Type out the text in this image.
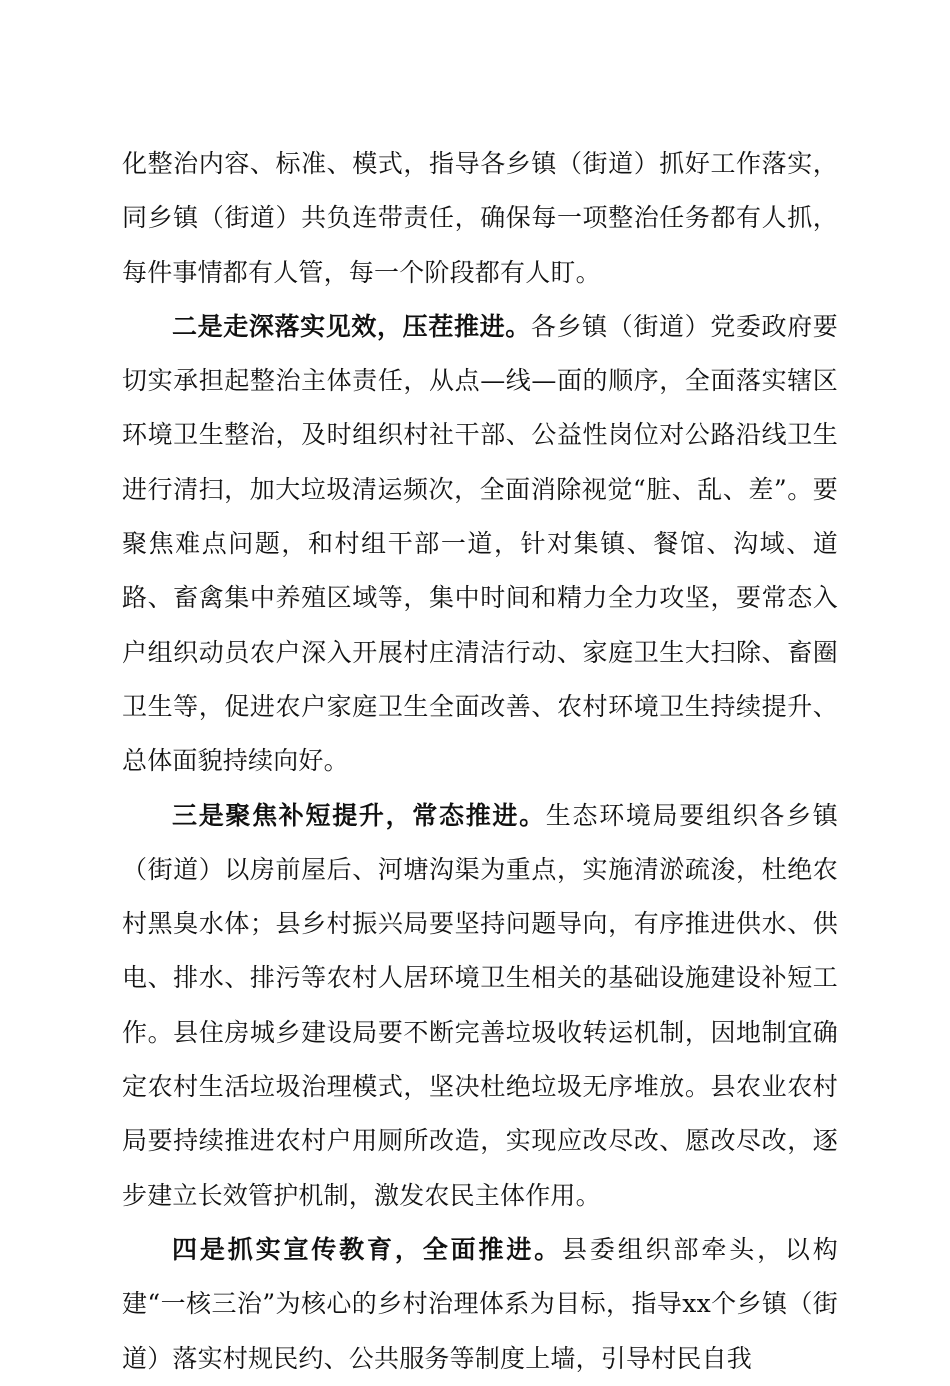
化整治内容、标准、模式，指导各乡镇（街道）抓好工作落实，同乡镇（街道）共负连带责任，确保每一项整治任务都有人抓，每件事情都有人管，每一个阶段都有人盯。

二是走深落实见效，压茬推进。各乡镇（街道）党委政府要切实承担起整治主体责任，从点—线—面的顺序，全面落实辖区环境卫生整治，及时组织村社干部、公益性岗位对公路沿线卫生进行清扫，加大垃圾清运频次，全面消除视觉“脏、乱、差”。要聚焦难点问题，和村组干部一道，针对集镇、餐馆、沟域、道路、畜禽集中养殖区域等，集中时间和精力全力攻坚，要常态入户组织动员农户深入开展村庄清洁行动、家庭卫生大扫除、畜圈卫生等，促进农户家庭卫生全面改善、农村环境卫生持续提升、总体面貌持续向好。

三是聚焦补短提升，常态推进。生态环境局要组织各乡镇（街道）以房前屋后、河塘沟渠为重点，实施清淤疏浚，杜绝农村黑臭水体；县乡村振兴局要坚持问题导向，有序推进供水、供电、排水、排污等农村人居环境卫生相关的基础设施建设补短工作。县住房城乡建设局要不断完善垃圾收转运机制，因地制宜确定农村生活垃圾治理模式，坚决杜绝垃圾无序堆放。县农业农村局要持续推进农村户用厕所改造，实现应改尽改、愿改尽改，逐步建立长效管护机制，激发农民主体作用。

四是抓实宣传教育，全面推进。县委组织部牵头，以构建“一核三治”为核心的乡村治理体系为目标，指导xx个乡镇（街道）落实村规民约、公共服务等制度上墙，引导村民自我
